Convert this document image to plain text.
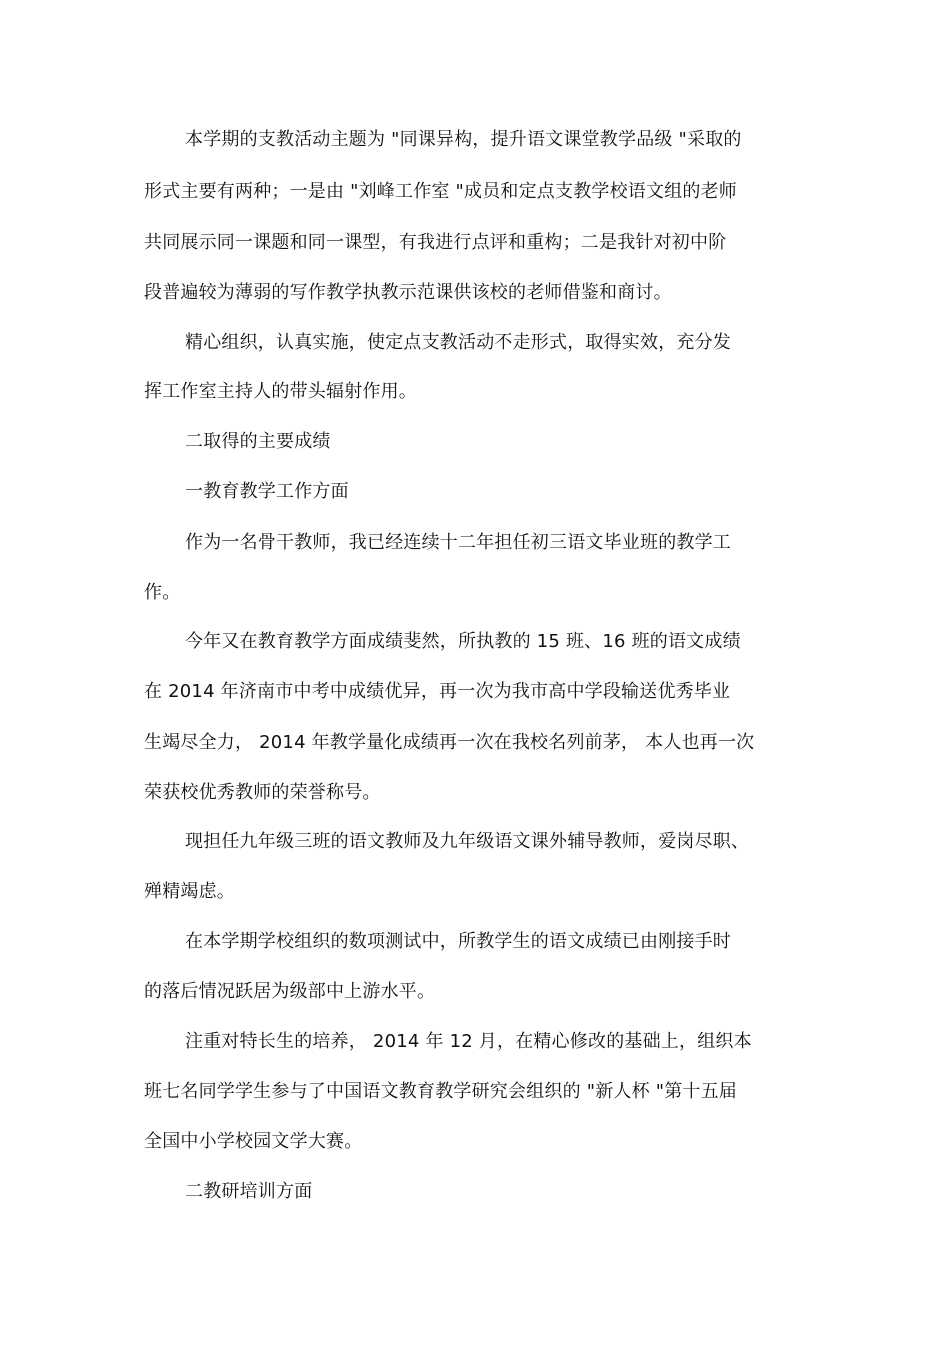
本学期的支教活动主题为 "同课异构，提升语文课堂教学品级 "采取的
形式主要有两种；一是由 "刘峰工作室 "成员和定点支教学校语文组的老师
共同展示同一课题和同一课型，有我进行点评和重构；二是我针对初中阶
段普遍较为薄弱的写作教学执教示范课供该校的老师借鉴和商讨。
精心组织，认真实施，使定点支教活动不走形式，取得实效，充分发
挥工作室主持人的带头辐射作用。
二取得的主要成绩
一教育教学工作方面
作为一名骨干教师，我已经连续十二年担任初三语文毕业班的教学工
作。
今年又在教育教学方面成绩斐然，所执教的 15 班、16 班的语文成绩
在 2014 年济南市中考中成绩优异，再一次为我市高中学段输送优秀毕业
生竭尽全力， 2014 年教学量化成绩再一次在我校名列前茅， 本人也再一次
荣获校优秀教师的荣誉称号。
现担任九年级三班的语文教师及九年级语文课外辅导教师，爱岗尽职、
殚精竭虑。
在本学期学校组织的数项测试中，所教学生的语文成绩已由刚接手时
的落后情况跃居为级部中上游水平。
注重对特长生的培养， 2014 年 12 月，在精心修改的基础上，组织本
班七名同学学生参与了中国语文教育教学研究会组织的 "新人杯 "第十五届
全国中小学校园文学大赛。
二教研培训方面
